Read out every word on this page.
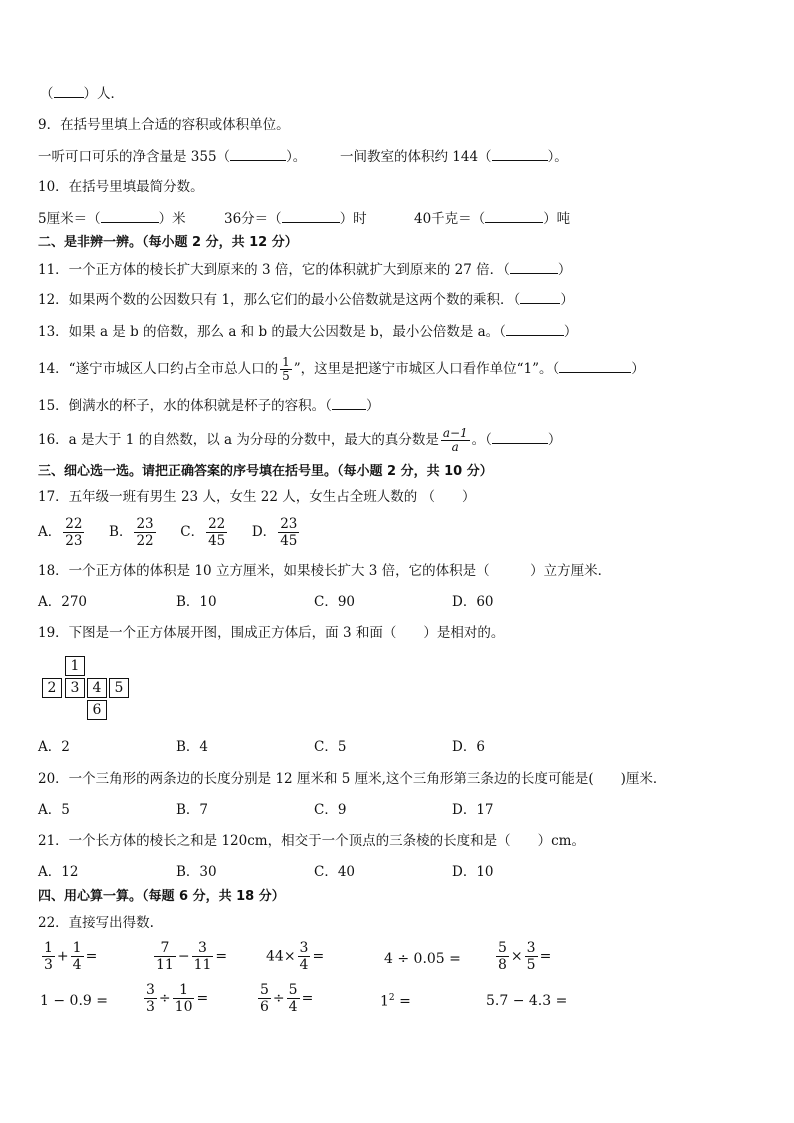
（ ）人．
9．在括号里填上合适的容积或体积单位。
一听可口可乐的净含量是 355（	）。 一间教室的体积约 144（	）。
10．在括号里填最简分数。
5厘米＝（	）米	36分＝（	）时	40千克＝（	）吨
二、是非辨一辨。（每小题 2 分，共 12 分）
11．一个正方体的棱长扩大到原来的 3 倍，它的体积就扩大到原来的 27 倍．（	）
12．如果两个数的公因数只有 1，那么它们的最小公倍数就是这两个数的乘积．（	）
13．如果 a 是 b 的倍数，那么 a 和 b 的最大公因数是 b，最小公倍数是 a。（	）
14．“遂宁市城区人口约占全市总人口的 $\frac{1}{5}$ ”，这里是把遂宁市城区人口看作单位“1”。（	）
15．倒满水的杯子，水的体积就是杯子的容积。（	）
16．a 是大于 1 的自然数，以 a 为分母的分数中，最大的真分数是 $\frac{a-1}{a}$ 。（	）
三、细心选一选。请把正确答案的序号填在括号里。（每小题 2 分，共 10 分）
17．五年级一班有男生 23 人，女生 22 人，女生占全班人数的 （　　）
A． $\frac{22}{23}$ B． $\frac{23}{22}$ C． $\frac{22}{45}$ D． $\frac{23}{45}$
18．一个正方体的体积是 10 立方厘米，如果棱长扩大 3 倍，它的体积是（　　　）立方厘米．
A．270	B．10	C．90	D．60
19．下图是一个正方体展开图，围成正方体后，面 3 和面（　　）是相对的。
1
2	3 4 5
6
A．2	B．4	C．5	D．6
20．一个三角形的两条边的长度分别是 12 厘米和 5 厘米,这个三角形第三条边的长度可能是(　　)厘米．
A．5	B．7	C．9	D．17
21．一个长方体的棱长之和是 120cm，相交于一个顶点的三条棱的长度和是（　　）cm。
A．12	B．30	C．40	D．10
四、用心算一算。（每题 6 分，共 18 分）
22．直接写出得数.
$\frac{1}{3} + \frac{1}{4}$ =	$\frac{7}{11} - \frac{3}{11}$ =	$44\times \frac{3}{4}$ =	4 ÷ 0.05 =	$\frac{5}{8} \times \frac{3}{5}$ =
1 − 0.9 =	$\frac{3}{3} \div \frac{1}{10}$ =	$\frac{5}{6} \div \frac{5}{4}$ =	$1^2$ =	5.7 − 4.3 =
